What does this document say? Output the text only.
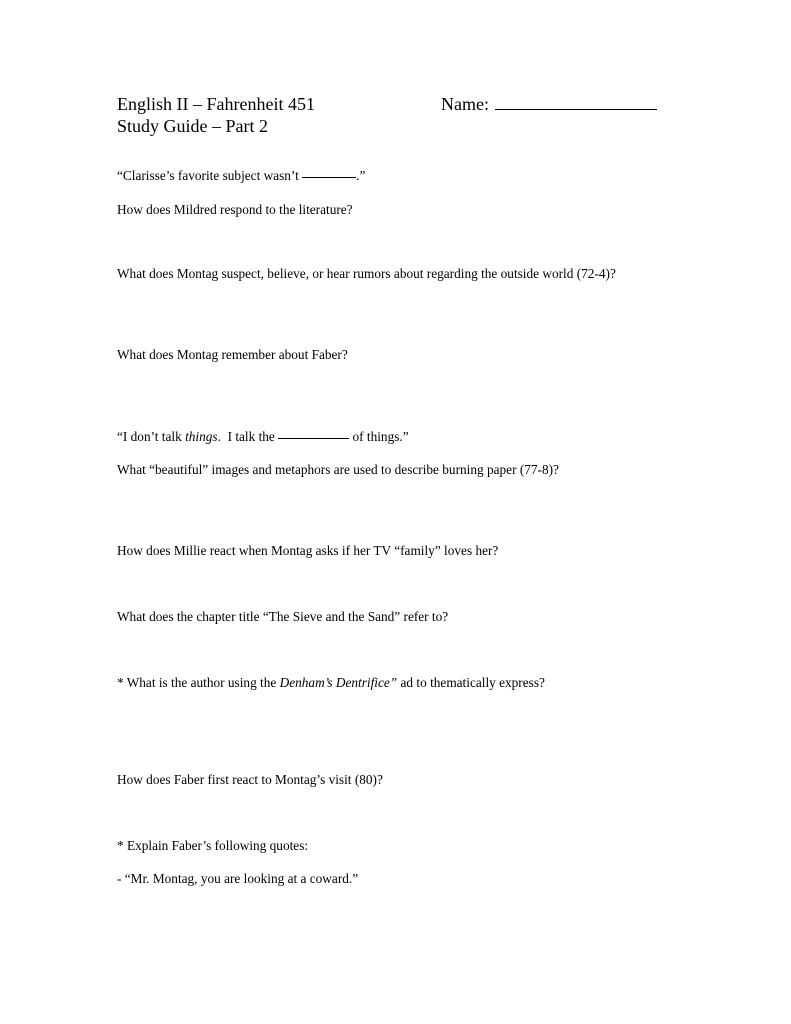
English II – Fahrenheit 451
Study Guide – Part 2
Name:
“Clarisse’s favorite subject wasn’t	.”
How does Mildred respond to the literature?
What does Montag suspect, believe, or hear rumors about regarding the outside world (72-4)?
What does Montag remember about Faber?
“I don’t talk things.  I talk the	of things.”
What “beautiful” images and metaphors are used to describe burning paper (77-8)?
How does Millie react when Montag asks if her TV “family” loves her?
What does the chapter title “The Sieve and the Sand” refer to?
* What is the author using the Denham’s Dentrifice” ad to thematically express?
How does Faber first react to Montag’s visit (80)?
* Explain Faber’s following quotes:
- “Mr. Montag, you are looking at a coward.”
